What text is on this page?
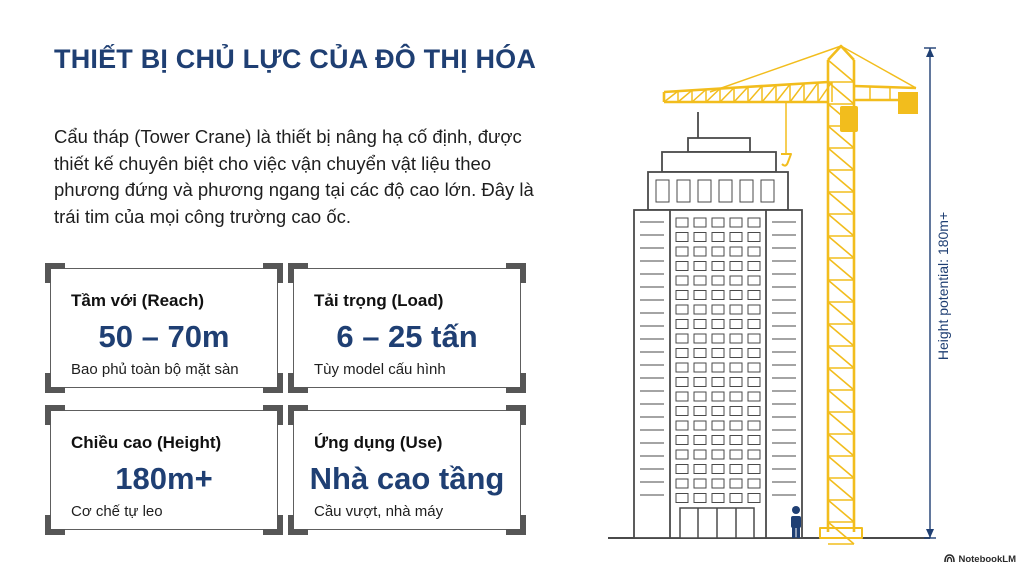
THIẾT BỊ CHỦ LỰC CỦA ĐÔ THỊ HÓA

Cẩu tháp (Tower Crane) là thiết bị nâng hạ cố định, được thiết kế chuyên biệt cho việc vận chuyển vật liệu theo phương đứng và phương ngang tại các độ cao lớn. Đây là trái tim của mọi công trường cao ốc.

Tầm với (Reach)
50 – 70m
Bao phủ toàn bộ mặt sàn
Tải trọng (Load)
6 – 25 tấn
Tùy model cấu hình
Chiều cao (Height)
180m+
Cơ chế tự leo
Ứng dụng (Use)
Nhà cao tầng
Cầu vượt, nhà máy
Height potential: 180m+
NotebookLM
